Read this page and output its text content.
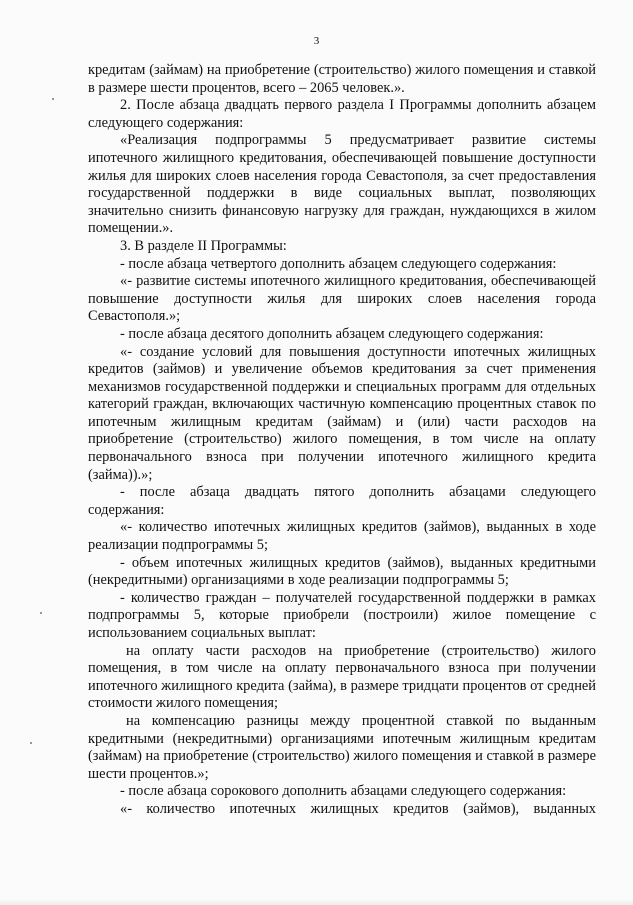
3

кредитам (займам) на приобретение (строительство) жилого помещения и ставкой в размере шести процентов, всего – 2065 человек.».

2. После абзаца двадцать первого раздела I Программы дополнить абзацем следующего содержания:

«Реализация подпрограммы 5 предусматривает развитие системы ипотечного жилищного кредитования, обеспечивающей повышение доступности жилья для широких слоев населения города Севастополя, за счет предоставления государственной поддержки в виде социальных выплат, позволяющих значительно снизить финансовую нагрузку для граждан, нуждающихся в жилом помещении.».

3. В разделе II Программы:

- после абзаца четвертого дополнить абзацем следующего содержания:

«- развитие системы ипотечного жилищного кредитования, обеспечивающей повышение доступности жилья для широких слоев населения города Севастополя.»;

- после абзаца десятого дополнить абзацем следующего содержания:

«- создание условий для повышения доступности ипотечных жилищных кредитов (займов) и увеличение объемов кредитования за счет применения механизмов государственной поддержки и специальных программ для отдельных категорий граждан, включающих частичную компенсацию процентных ставок по ипотечным жилищным кредитам (займам) и (или) части расходов на приобретение (строительство) жилого помещения, в том числе на оплату первоначального взноса при получении ипотечного жилищного кредита (займа)).»;

- после абзаца двадцать пятого дополнить абзацами следующего содержания:

«- количество ипотечных жилищных кредитов (займов), выданных в ходе реализации подпрограммы 5;

- объем ипотечных жилищных кредитов (займов), выданных кредитными (некредитными) организациями в ходе реализации подпрограммы 5;

- количество граждан – получателей государственной поддержки в рамках подпрограммы 5, которые приобрели (построили) жилое помещение с использованием социальных выплат:

на оплату части расходов на приобретение (строительство) жилого помещения, в том числе на оплату первоначального взноса при получении ипотечного жилищного кредита (займа), в размере тридцати процентов от средней стоимости жилого помещения;

на компенсацию разницы между процентной ставкой по выданным кредитными (некредитными) организациями ипотечным жилищным кредитам (займам) на приобретение (строительство) жилого помещения и ставкой в размере шести процентов.»;

- после абзаца сорокового дополнить абзацами следующего содержания:

«- количество ипотечных жилищных кредитов (займов), выданных
